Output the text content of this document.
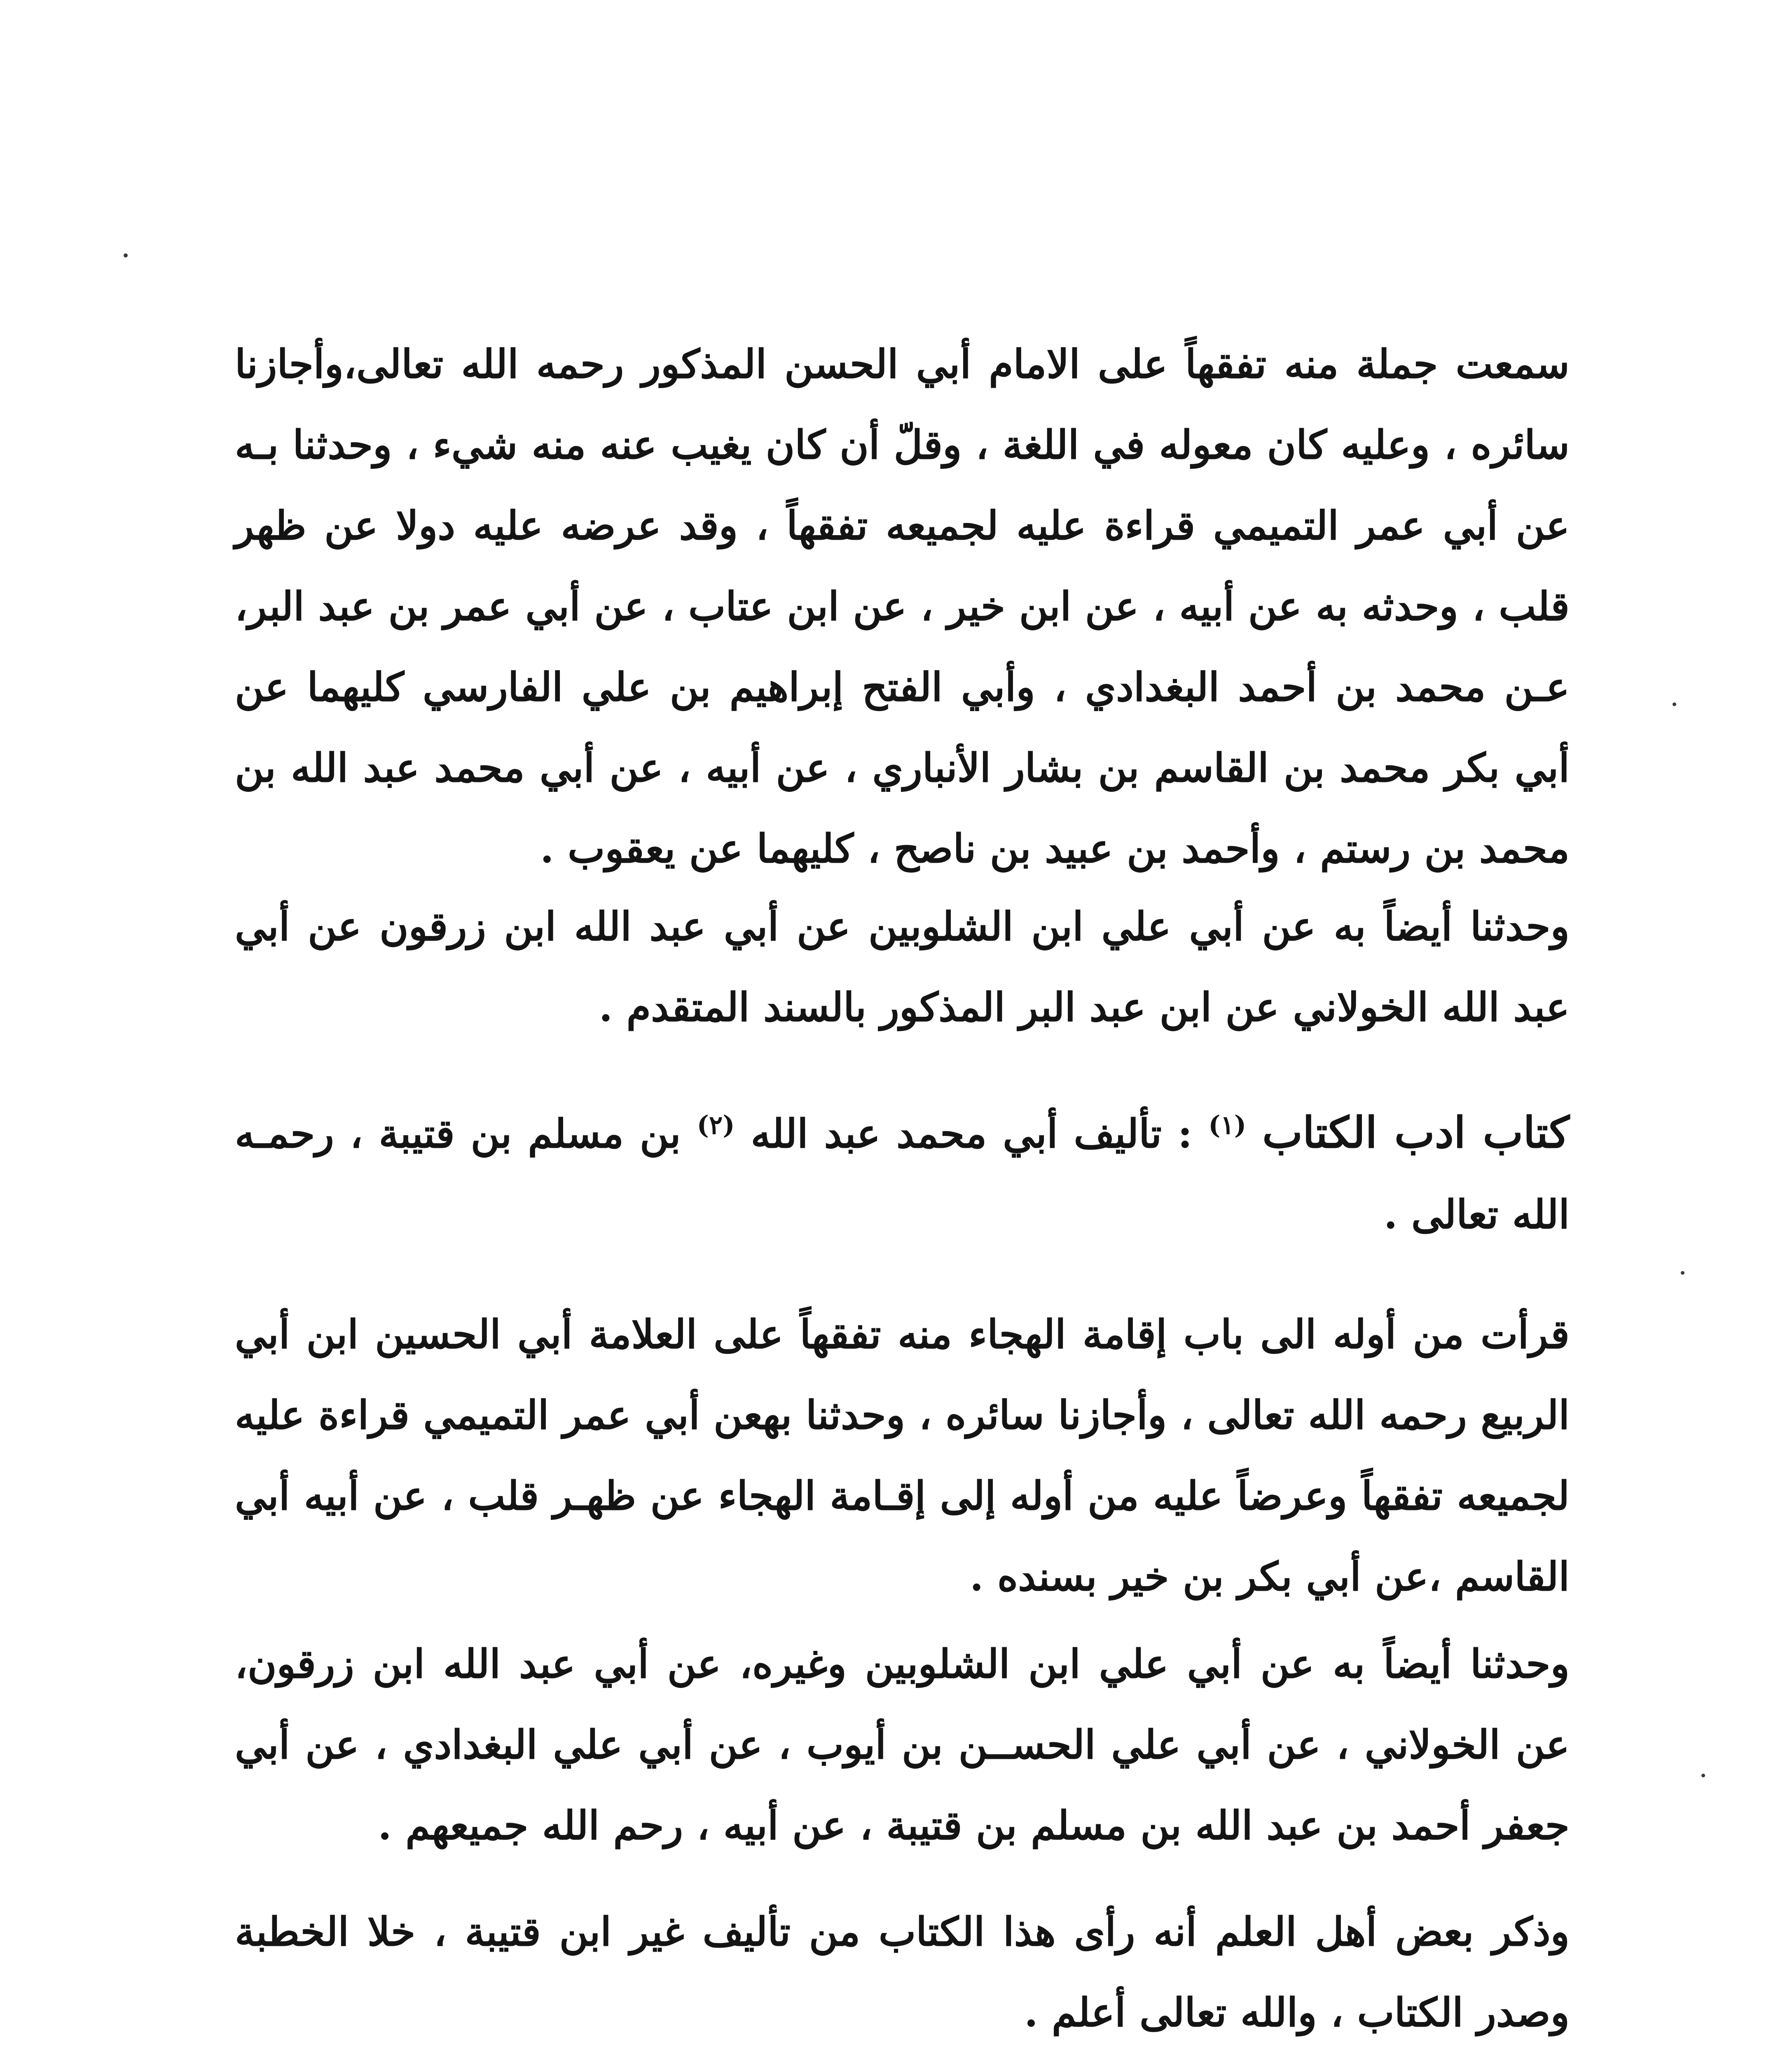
سمعت جملة منه تفقهاً على الامام أبي الحسن المذكور رحمه الله تعالى،وأجازنا سائره ، وعليه كان معوله في اللغة ، وقلّ أن كان يغيب عنه منه شيء ، وحدثنا بـه عن أبي عمر التميمي قراءة عليه لجميعه تفقهاً ، وقد عرضه عليه دولا عن ظهر قلب ، وحدثه به عن أبيه ، عن ابن خير ، عن ابن عتاب ، عن أبي عمر بن عبد البر، عـن محمد بن أحمد البغدادي ، وأبي الفتح إبراهيم بن علي الفارسي كليهما عن أبي بكر محمد بن القاسم بن بشار الأنباري ، عن أبيه ، عن أبي محمد عبد الله بن محمد بن رستم ، وأحمد بن عبيد بن ناصح ، كليهما عن يعقوب .

وحدثنا أيضاً به عن أبي علي ابن الشلوبين عن أبي عبد الله ابن زرقون عن أبي عبد الله الخولاني عن ابن عبد البر المذكور بالسند المتقدم .

كتاب ادب الكتاب $^{(١)}$ : تأليف أبي محمد عبد الله $^{(٢)}$ بن مسلم بن قتيبة ، رحمـه الله تعالى .

قرأت من أوله الى باب إقامة الهجاء منه تفقهاً على العلامة أبي الحسين ابن أبي الربيع رحمه الله تعالى ، وأجازنا سائره ، وحدثنا بهعن أبي عمر التميمي قراءة عليه لجميعه تفقهاً وعرضاً عليه من أوله إلى إقـامة الهجاء عن ظهـر قلب ، عن أبيه أبي القاسم ،عن أبي بكر بن خير بسنده .

وحدثنا أيضاً به عن أبي علي ابن الشلوبين وغيره، عن أبي عبد الله ابن زرقون، عن الخولاني ، عن أبي علي الحســن بن أيوب ، عن أبي علي البغدادي ، عن أبي جعفر أحمد بن عبد الله بن مسلم بن قتيبة ، عن أبيه ، رحم الله جميعهم .

وذكر بعض أهل العلم أنه رأى هذا الكتاب من تأليف غير ابن قتيبة ، خلا الخطبة وصدر الكتاب ، والله تعالى أعلم .
